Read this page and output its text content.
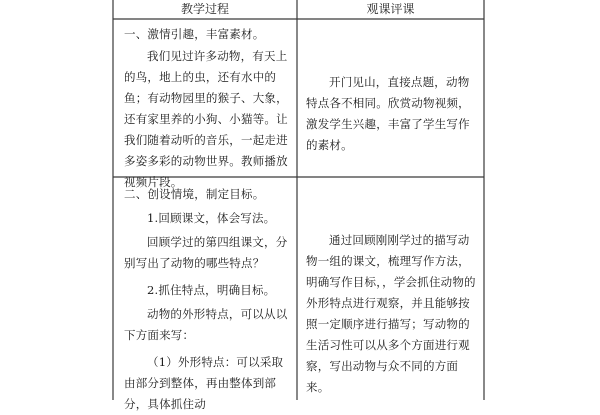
教学过程	观课评课

一、激情引趣，丰富素材。

我们见过许多动物，有天上的鸟，地上的虫，还有水中的鱼；有动物园里的猴子、大象，还有家里养的小狗、小猫等。让我们随着动听的音乐，一起走进多姿多彩的动物世界。教师播放视频片段。

开门见山，直接点题，动物特点各不相同。欣赏动物视频，激发学生兴趣，丰富了学生写作的素材。

二、创设情境，制定目标。

1.回顾课文，体会写法。

回顾学过的第四组课文，分别写出了动物的哪些特点？

2.抓住特点，明确目标。

动物的外形特点，可以从以下方面来写：

（1）外形特点：可以采取由部分到整体，再由整体到部分，具体抓住动

通过回顾刚刚学过的描写动物一组的课文，梳理写作方法，明确写作目标，，学会抓住动物的外形特点进行观察，并且能够按照一定顺序进行描写；写动物的生活习性可以从多个方面进行观察，写出动物与众不同的方面来。
